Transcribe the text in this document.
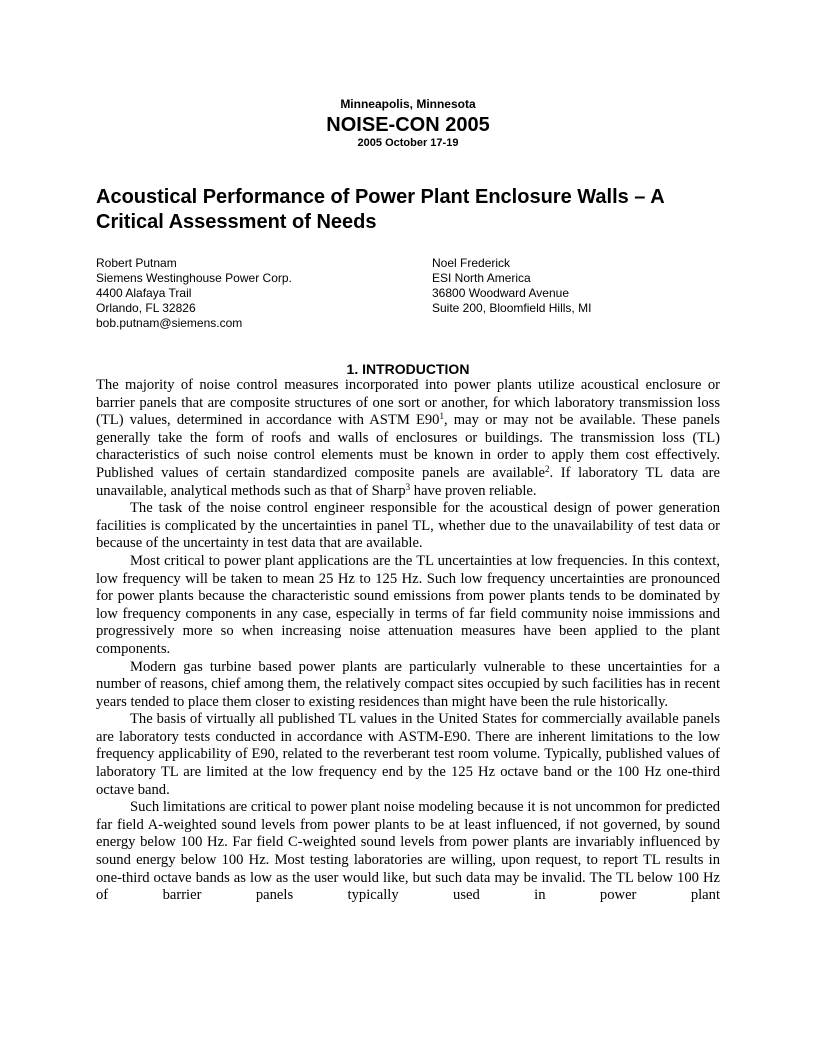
Minneapolis, Minnesota
NOISE-CON 2005
2005 October 17-19
Acoustical Performance of Power Plant Enclosure Walls – A
Critical Assessment of Needs
Robert Putnam
Siemens Westinghouse Power Corp.
4400 Alafaya Trail
Orlando, FL 32826
bob.putnam@siemens.com
Noel Frederick
ESI North America
36800 Woodward Avenue
Suite 200, Bloomfield Hills, MI
1. INTRODUCTION

The majority of noise control measures incorporated into power plants utilize acoustical enclosure or barrier panels that are composite structures of one sort or another, for which laboratory transmission loss (TL) values, determined in accordance with ASTM $E90^1$, may or may not be available. These panels generally take the form of roofs and walls of enclosures or buildings. The transmission loss (TL) characteristics of such noise control elements must be known in order to apply them cost effectively. Published values of certain standardized composite panels are available$^2$. If laboratory TL data are unavailable, analytical methods such as that of Sharp$^3$ have proven reliable.

The task of the noise control engineer responsible for the acoustical design of power generation facilities is complicated by the uncertainties in panel TL, whether due to the unavailability of test data or because of the uncertainty in test data that are available.

Most critical to power plant applications are the TL uncertainties at low frequencies. In this context, low frequency will be taken to mean 25 Hz to 125 Hz. Such low frequency uncertainties are pronounced for power plants because the characteristic sound emissions from power plants tends to be dominated by low frequency components in any case, especially in terms of far field community noise immissions and progressively more so when increasing noise attenuation measures have been applied to the plant components.

Modern gas turbine based power plants are particularly vulnerable to these uncertainties for a number of reasons, chief among them, the relatively compact sites occupied by such facilities has in recent years tended to place them closer to existing residences than might have been the rule historically.

The basis of virtually all published TL values in the United States for commercially available panels are laboratory tests conducted in accordance with ASTM-E90. There are inherent limitations to the low frequency applicability of E90, related to the reverberant test room volume. Typically, published values of laboratory TL are limited at the low frequency end by the 125 Hz octave band or the 100 Hz one-third octave band.

Such limitations are critical to power plant noise modeling because it is not uncommon for predicted far field A-weighted sound levels from power plants to be at least influenced, if not governed, by sound energy below 100 Hz. Far field C-weighted sound levels from power plants are invariably influenced by sound energy below 100 Hz. Most testing laboratories are willing, upon request, to report TL results in one-third octave bands as low as the user would like, but such data may be invalid. The TL below 100 Hz of barrier panels typically used in power plant
